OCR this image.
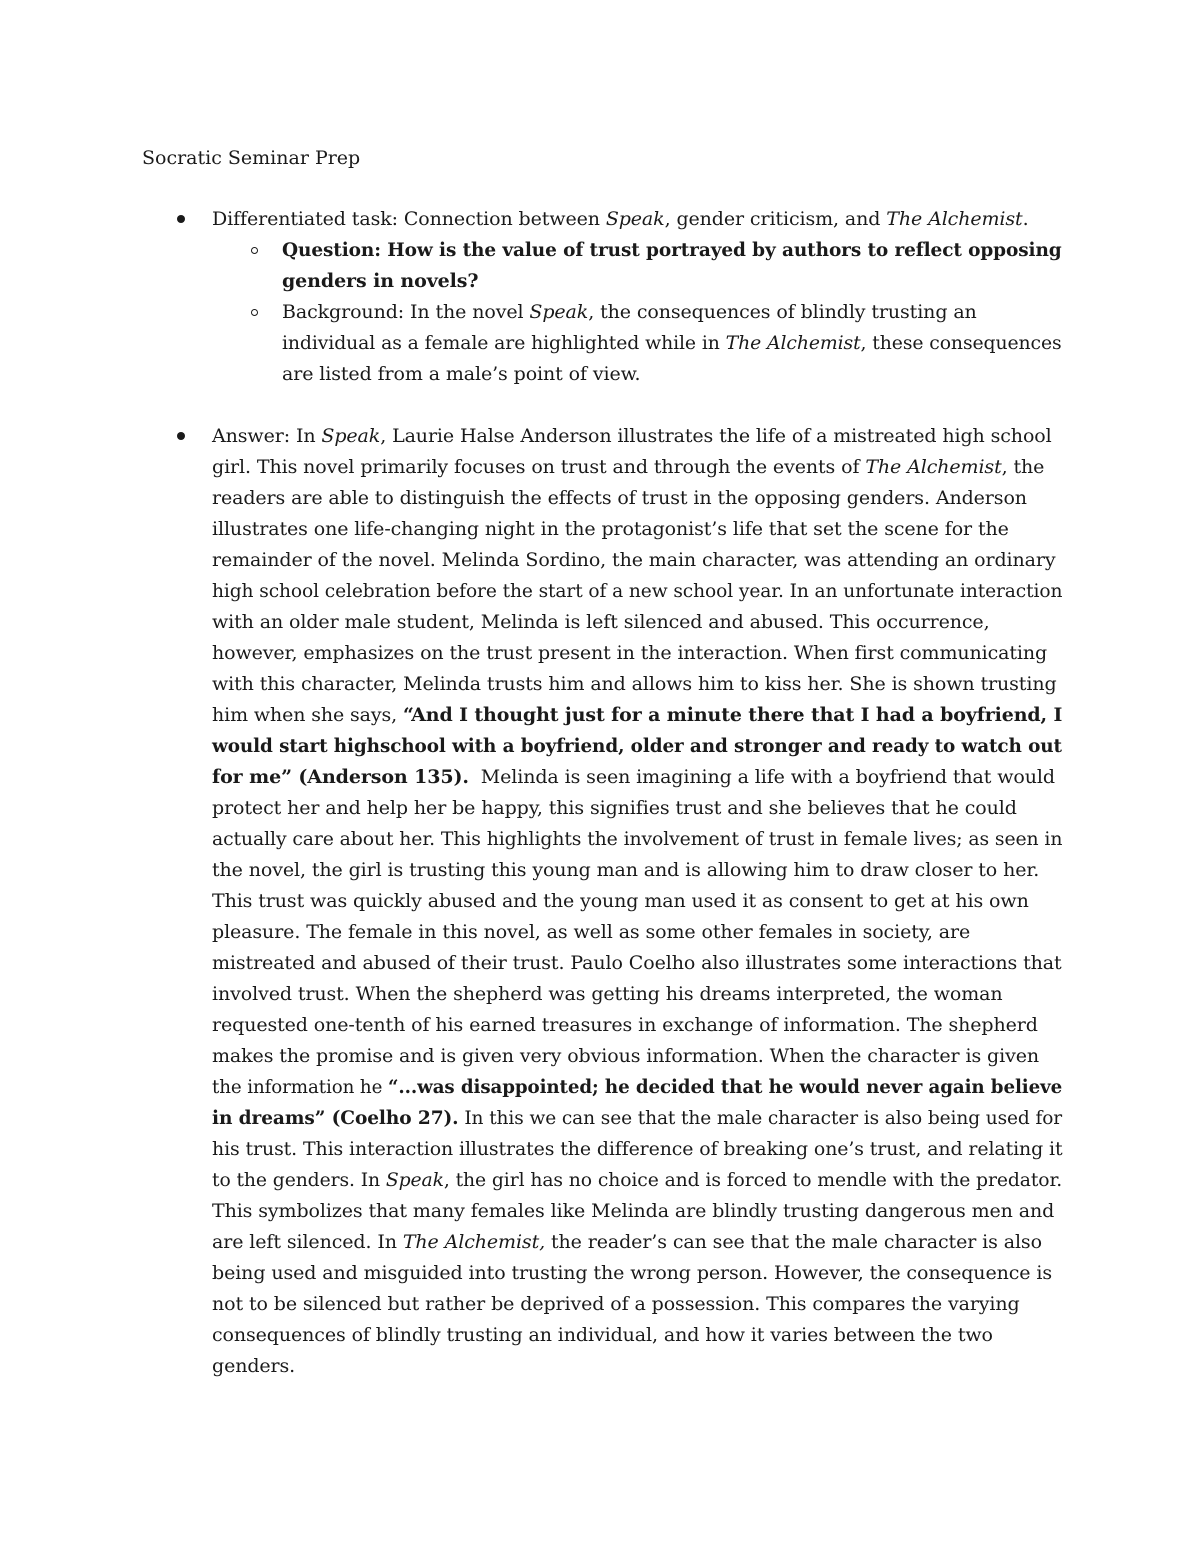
Socratic Seminar Prep
Differentiated task: Connection between Speak, gender criticism, and The Alchemist.
Question: How is the value of trust portrayed by authors to reflect opposing
genders in novels?
Background: In the novel Speak, the consequences of blindly trusting an
individual as a female are highlighted while in The Alchemist, these consequences
are listed from a male’s point of view.
Answer: In Speak, Laurie Halse Anderson illustrates the life of a mistreated high school
girl. This novel primarily focuses on trust and through the events of The Alchemist, the
readers are able to distinguish the effects of trust in the opposing genders. Anderson
illustrates one life-changing night in the protagonist’s life that set the scene for the
remainder of the novel. Melinda Sordino, the main character, was attending an ordinary
high school celebration before the start of a new school year. In an unfortunate interaction
with an older male student, Melinda is left silenced and abused. This occurrence,
however, emphasizes on the trust present in the interaction. When first communicating
with this character, Melinda trusts him and allows him to kiss her. She is shown trusting
him when she says, “And I thought just for a minute there that I had a boyfriend, I
would start highschool with a boyfriend, older and stronger and ready to watch out
for me” (Anderson 135).  Melinda is seen imagining a life with a boyfriend that would
protect her and help her be happy, this signifies trust and she believes that he could
actually care about her. This highlights the involvement of trust in female lives; as seen in
the novel, the girl is trusting this young man and is allowing him to draw closer to her.
This trust was quickly abused and the young man used it as consent to get at his own
pleasure. The female in this novel, as well as some other females in society, are
mistreated and abused of their trust. Paulo Coelho also illustrates some interactions that
involved trust. When the shepherd was getting his dreams interpreted, the woman
requested one-tenth of his earned treasures in exchange of information. The shepherd
makes the promise and is given very obvious information. When the character is given
the information he “...was disappointed; he decided that he would never again believe
in dreams” (Coelho 27). In this we can see that the male character is also being used for
his trust. This interaction illustrates the difference of breaking one’s trust, and relating it
to the genders. In Speak, the girl has no choice and is forced to mendle with the predator.
This symbolizes that many females like Melinda are blindly trusting dangerous men and
are left silenced. In The Alchemist, the reader’s can see that the male character is also
being used and misguided into trusting the wrong person. However, the consequence is
not to be silenced but rather be deprived of a possession. This compares the varying
consequences of blindly trusting an individual, and how it varies between the two
genders.
